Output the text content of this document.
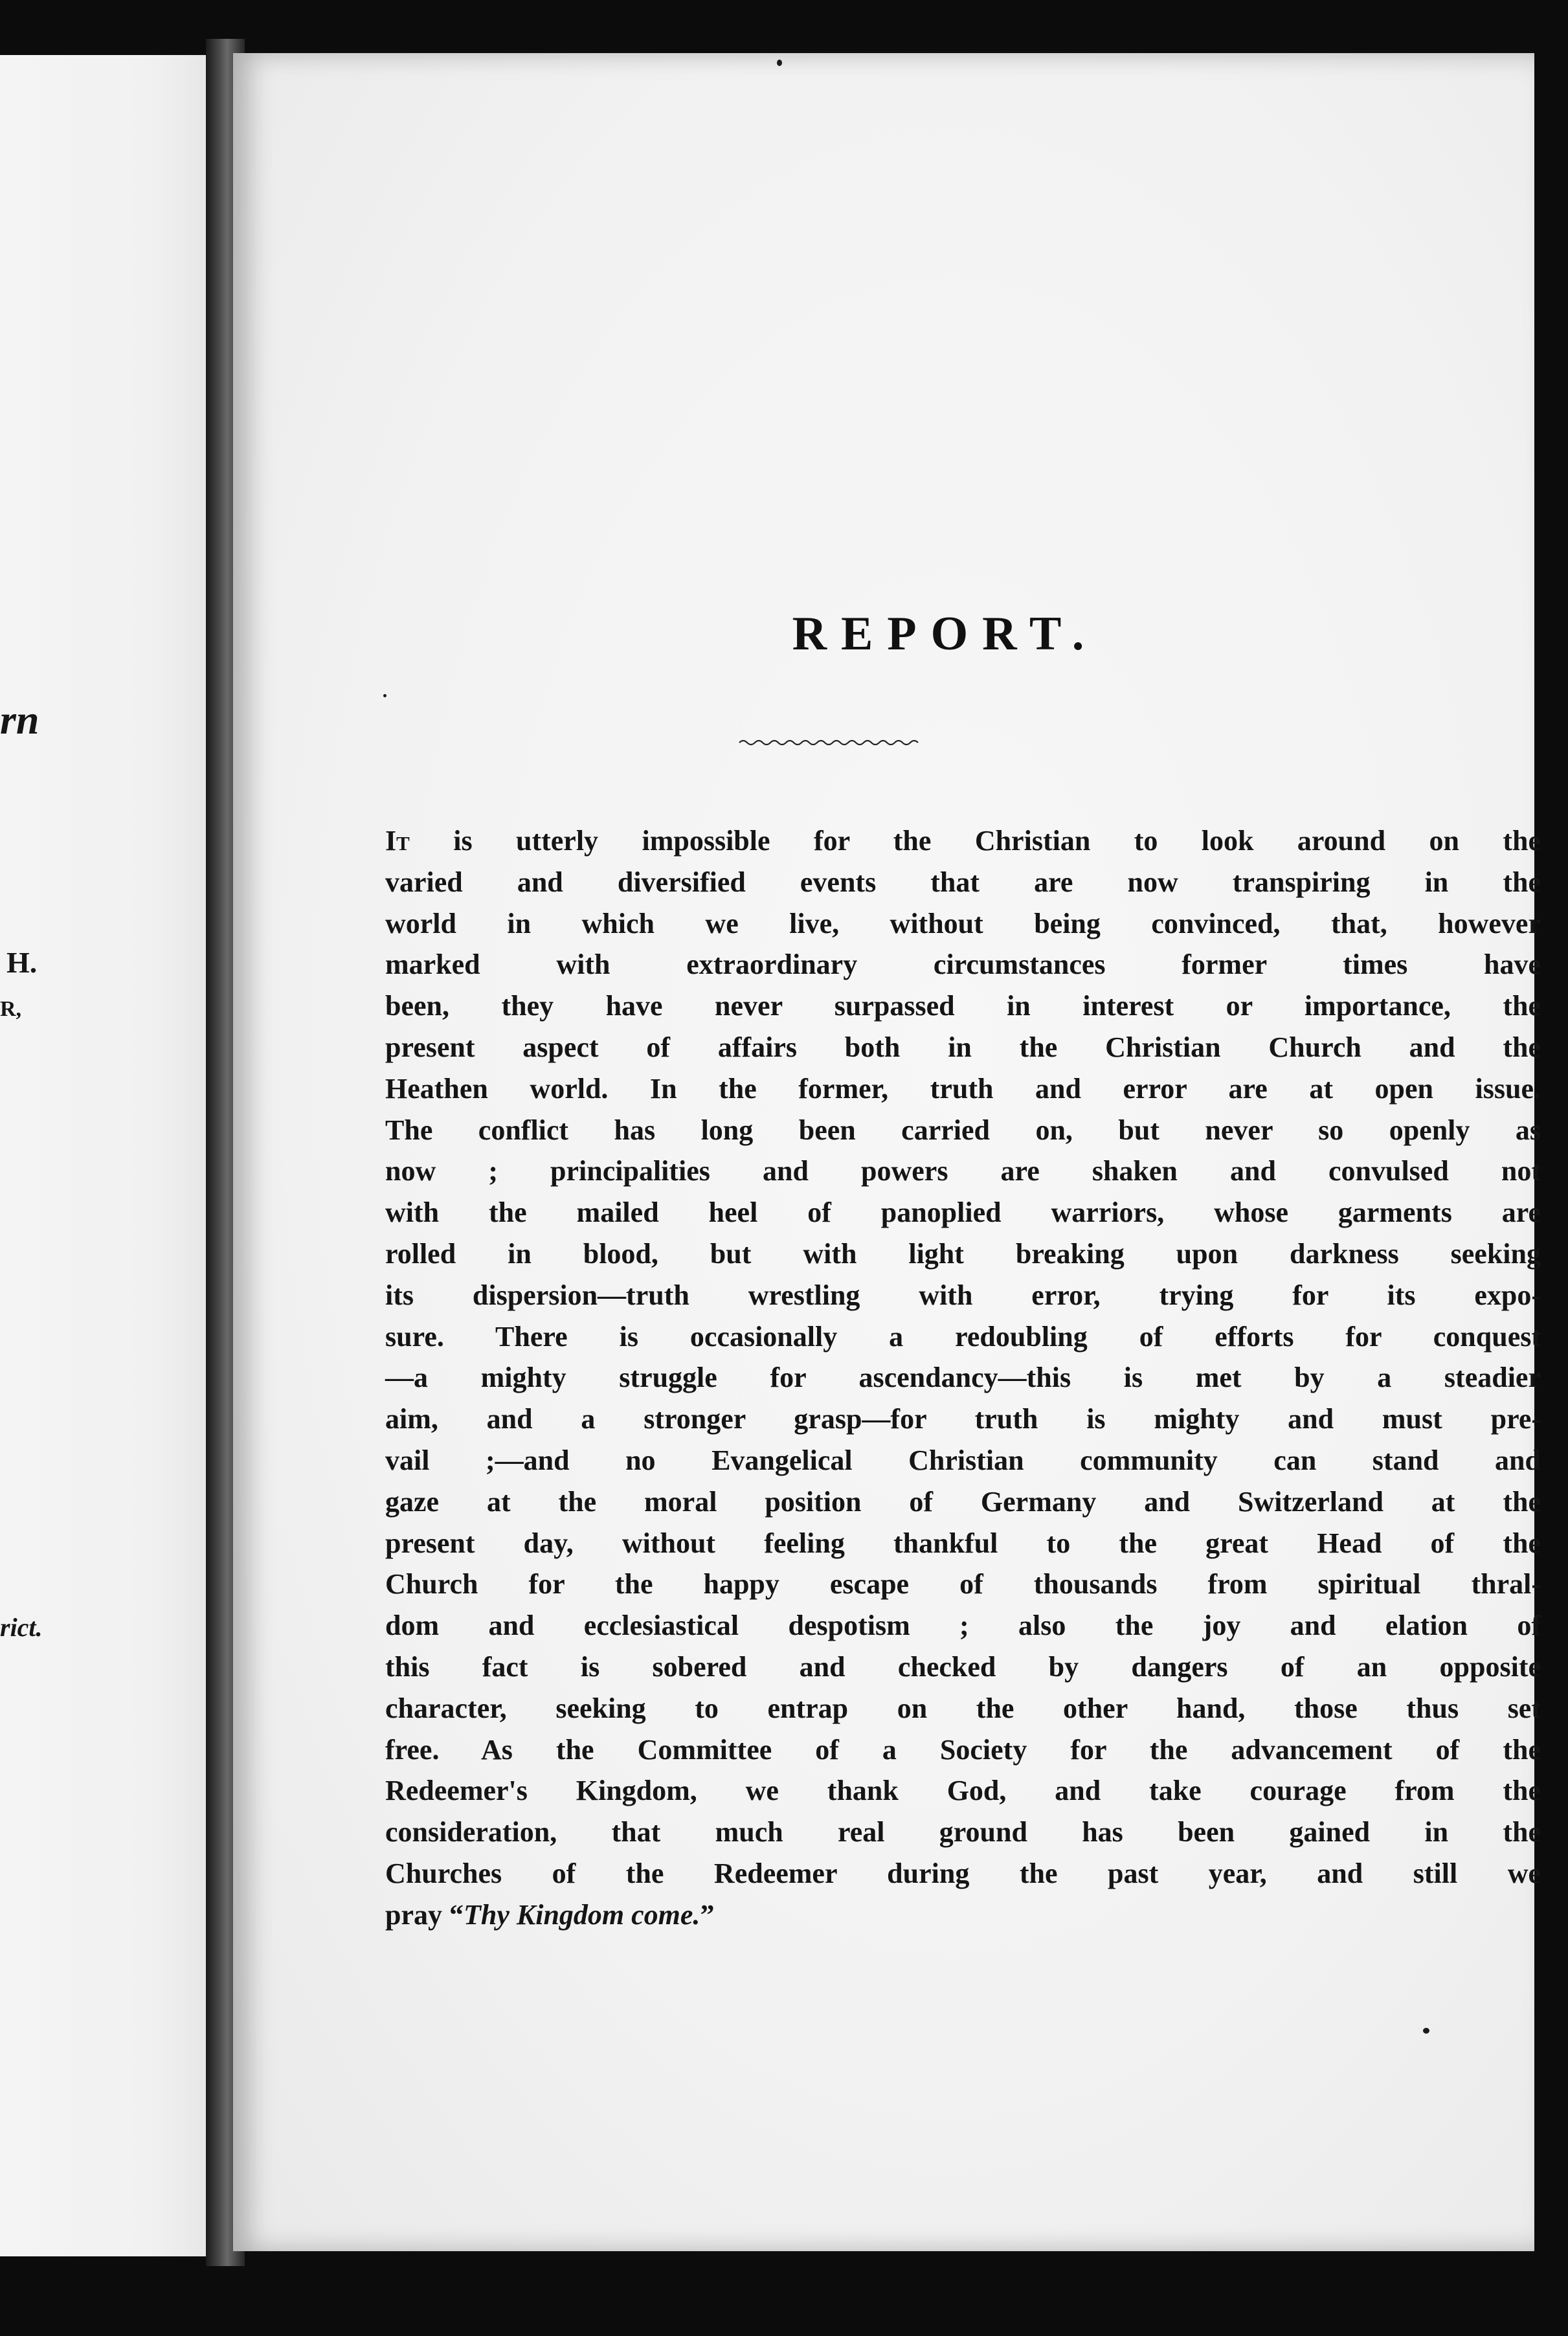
rn
H.
R,
rict.
REPORT.
It is utterly impossible for the Christian to look around on the
varied and diversified events that are now transpiring in the
world in which we live, without being convinced, that, however
marked with extraordinary circumstances former times have
been, they have never surpassed in interest or importance, the
present aspect of affairs both in the Christian Church and the
Heathen world. In the former, truth and error are at open issue.
The conflict has long been carried on, but never so openly as
now ; principalities and powers are shaken and convulsed not
with the mailed heel of panoplied warriors, whose garments are
rolled in blood, but with light breaking upon darkness seeking
its dispersion—truth wrestling with error, trying for its expo-
sure. There is occasionally a redoubling of efforts for conquest
—a mighty struggle for ascendancy—this is met by a steadier
aim, and a stronger grasp—for truth is mighty and must pre-
vail ;—and no Evangelical Christian community can stand and
gaze at the moral position of Germany and Switzerland at the
present day, without feeling thankful to the great Head of the
Church for the happy escape of thousands from spiritual thral-
dom and ecclesiastical despotism ; also the joy and elation of
this fact is sobered and checked by dangers of an opposite
character, seeking to entrap on the other hand, those thus set
free. As the Committee of a Society for the advancement of the
Redeemer's Kingdom, we thank God, and take courage from the
consideration, that much real ground has been gained in the
Churches of the Redeemer during the past year, and still we
pray “Thy Kingdom come.”
